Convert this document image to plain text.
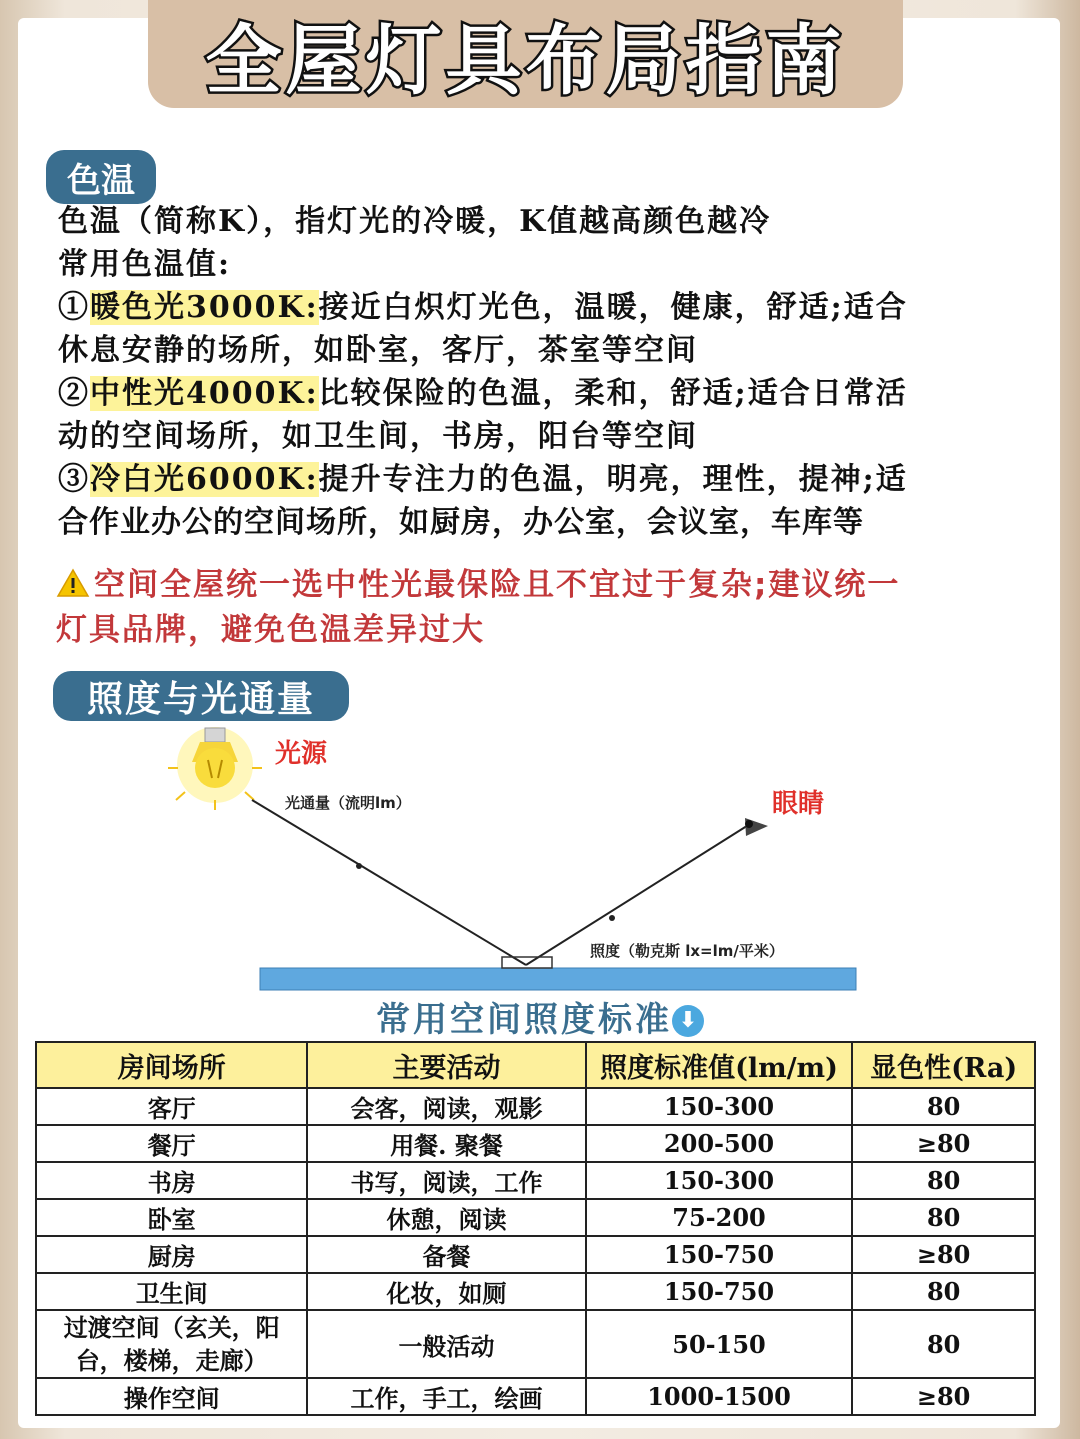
全屋灯具布局指南
色温
色温（简称K），指灯光的冷暖，K值越高颜色越冷
常用色温值:
①暖色光3000K:接近白炽灯光色，温暖，健康，舒适;适合
休息安静的场所，如卧室，客厅，茶室等空间
②中性光4000K:比较保险的色温，柔和，舒适;适合日常活
动的空间场所，如卫生间，书房，阳台等空间
③冷白光6000K:提升专注力的色温，明亮，理性，提神;适
合作业办公的空间场所，如厨房，办公室，会议室，车库等
空间全屋统一选中性光最保险且不宜过于复杂;建议统一
灯具品牌，避免色温差异过大
照度与光通量
光源
光通量（流明lm）	眼睛
照度（勒克斯 lx=lm/平米）
常用空间照度标准 ⬇
房间场所	主要活动	照度标准值(lm/m)	显色性(Ra)
客厅	会客，阅读，观影	150-300	80
餐厅	用餐. 聚餐	200-500	≥80
书房	书写，阅读，工作	150-300	80
卧室	休憩，阅读	75-200	80
厨房	备餐	150-750	≥80
卫生间	化妆，如厕	150-750	80
过渡空间（玄关，阳台，楼梯，走廊）	一般活动	50-150	80
操作空间	工作，手工，绘画	1000-1500	≥80
